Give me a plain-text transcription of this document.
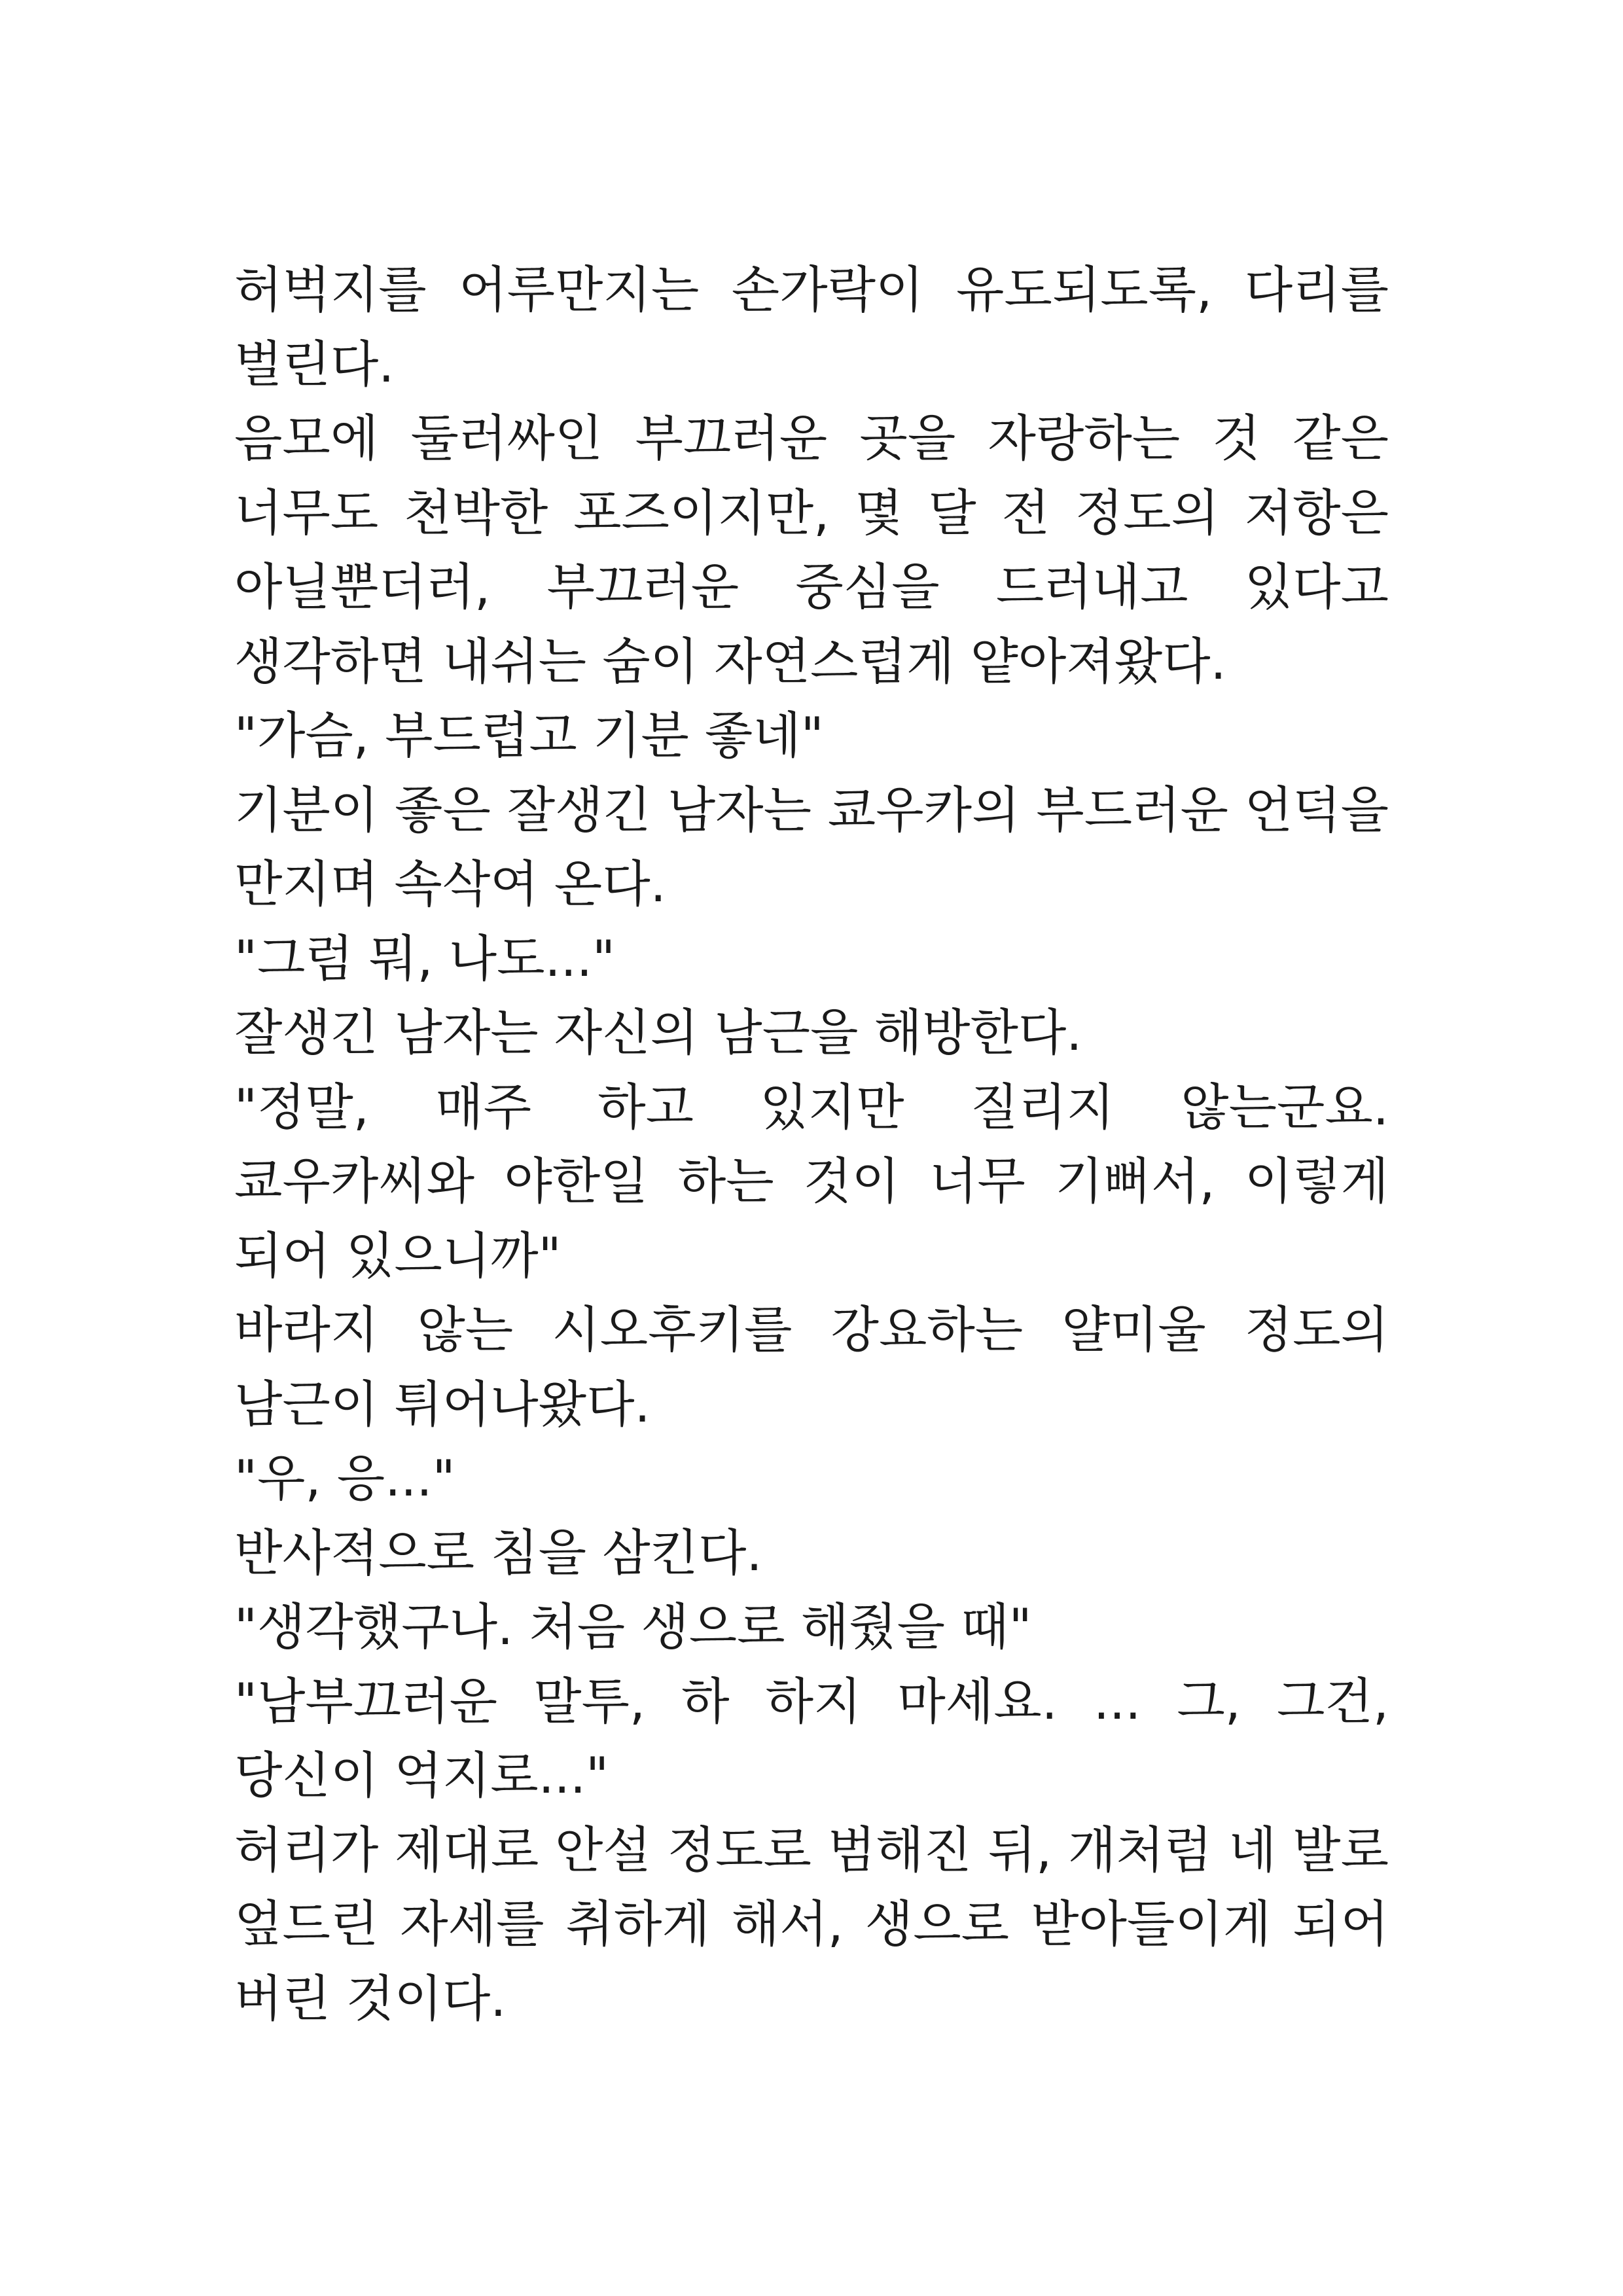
허벅지를 어루만지는 손가락이 유도되도록, 다리를 벌린다.

음모에 둘러싸인 부끄러운 곳을 자랑하는 것 같은 너무도 천박한 포즈이지만, 몇 달 전 정도의 저항은 아닐뿐더러, 부끄러운 중심을 드러내고 있다고 생각하면 내쉬는 숨이 자연스럽게 얕아져왔다.

"가슴, 부드럽고 기분 좋네"

기분이 좋은 잘생긴 남자는 쿄우카의 부드러운 언덕을 만지며 속삭여 온다.

"그럼 뭐, 나도..."

잘생긴 남자는 자신의 남근을 해방한다.

"정말, 매주 하고 있지만 질리지 않는군요. 쿄우카씨와 야한일 하는 것이 너무 기뻐서, 이렇게 되어 있으니까"

바라지 않는 시오후키를 강요하는 얄미울 정도의 남근이 튀어나왔다.

"우, 응..."

반사적으로 침을 삼킨다.

"생각했구나. 처음 생으로 해줬을 때"

"남부끄러운 말투, 하 하지 마세요. ... 그, 그건, 당신이 억지로..."

허리가 제대로 안설 정도로 범해진 뒤, 개처럼 네 발로 엎드린 자세를 취하게 해서, 생으로 받아들이게 되어 버린 것이다.
